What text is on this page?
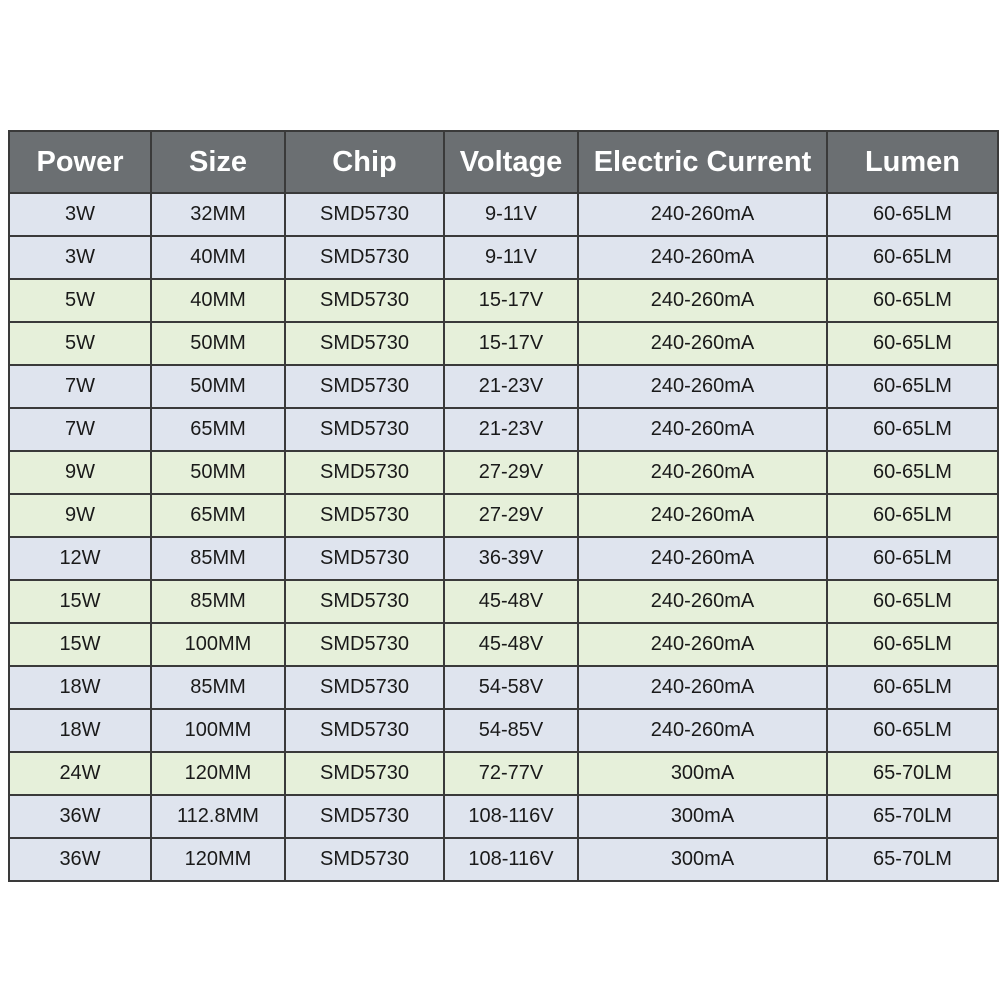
Power	Size	Chip	Voltage	Electric Current	Lumen
3W	32MM	SMD5730	9-11V	240-260mA	60-65LM
3W	40MM	SMD5730	9-11V	240-260mA	60-65LM
5W	40MM	SMD5730	15-17V	240-260mA	60-65LM
5W	50MM	SMD5730	15-17V	240-260mA	60-65LM
7W	50MM	SMD5730	21-23V	240-260mA	60-65LM
7W	65MM	SMD5730	21-23V	240-260mA	60-65LM
9W	50MM	SMD5730	27-29V	240-260mA	60-65LM
9W	65MM	SMD5730	27-29V	240-260mA	60-65LM
12W	85MM	SMD5730	36-39V	240-260mA	60-65LM
15W	85MM	SMD5730	45-48V	240-260mA	60-65LM
15W	100MM	SMD5730	45-48V	240-260mA	60-65LM
18W	85MM	SMD5730	54-58V	240-260mA	60-65LM
18W	100MM	SMD5730	54-85V	240-260mA	60-65LM
24W	120MM	SMD5730	72-77V	300mA	65-70LM
36W	112.8MM	SMD5730	108-116V	300mA	65-70LM
36W	120MM	SMD5730	108-116V	300mA	65-70LM
